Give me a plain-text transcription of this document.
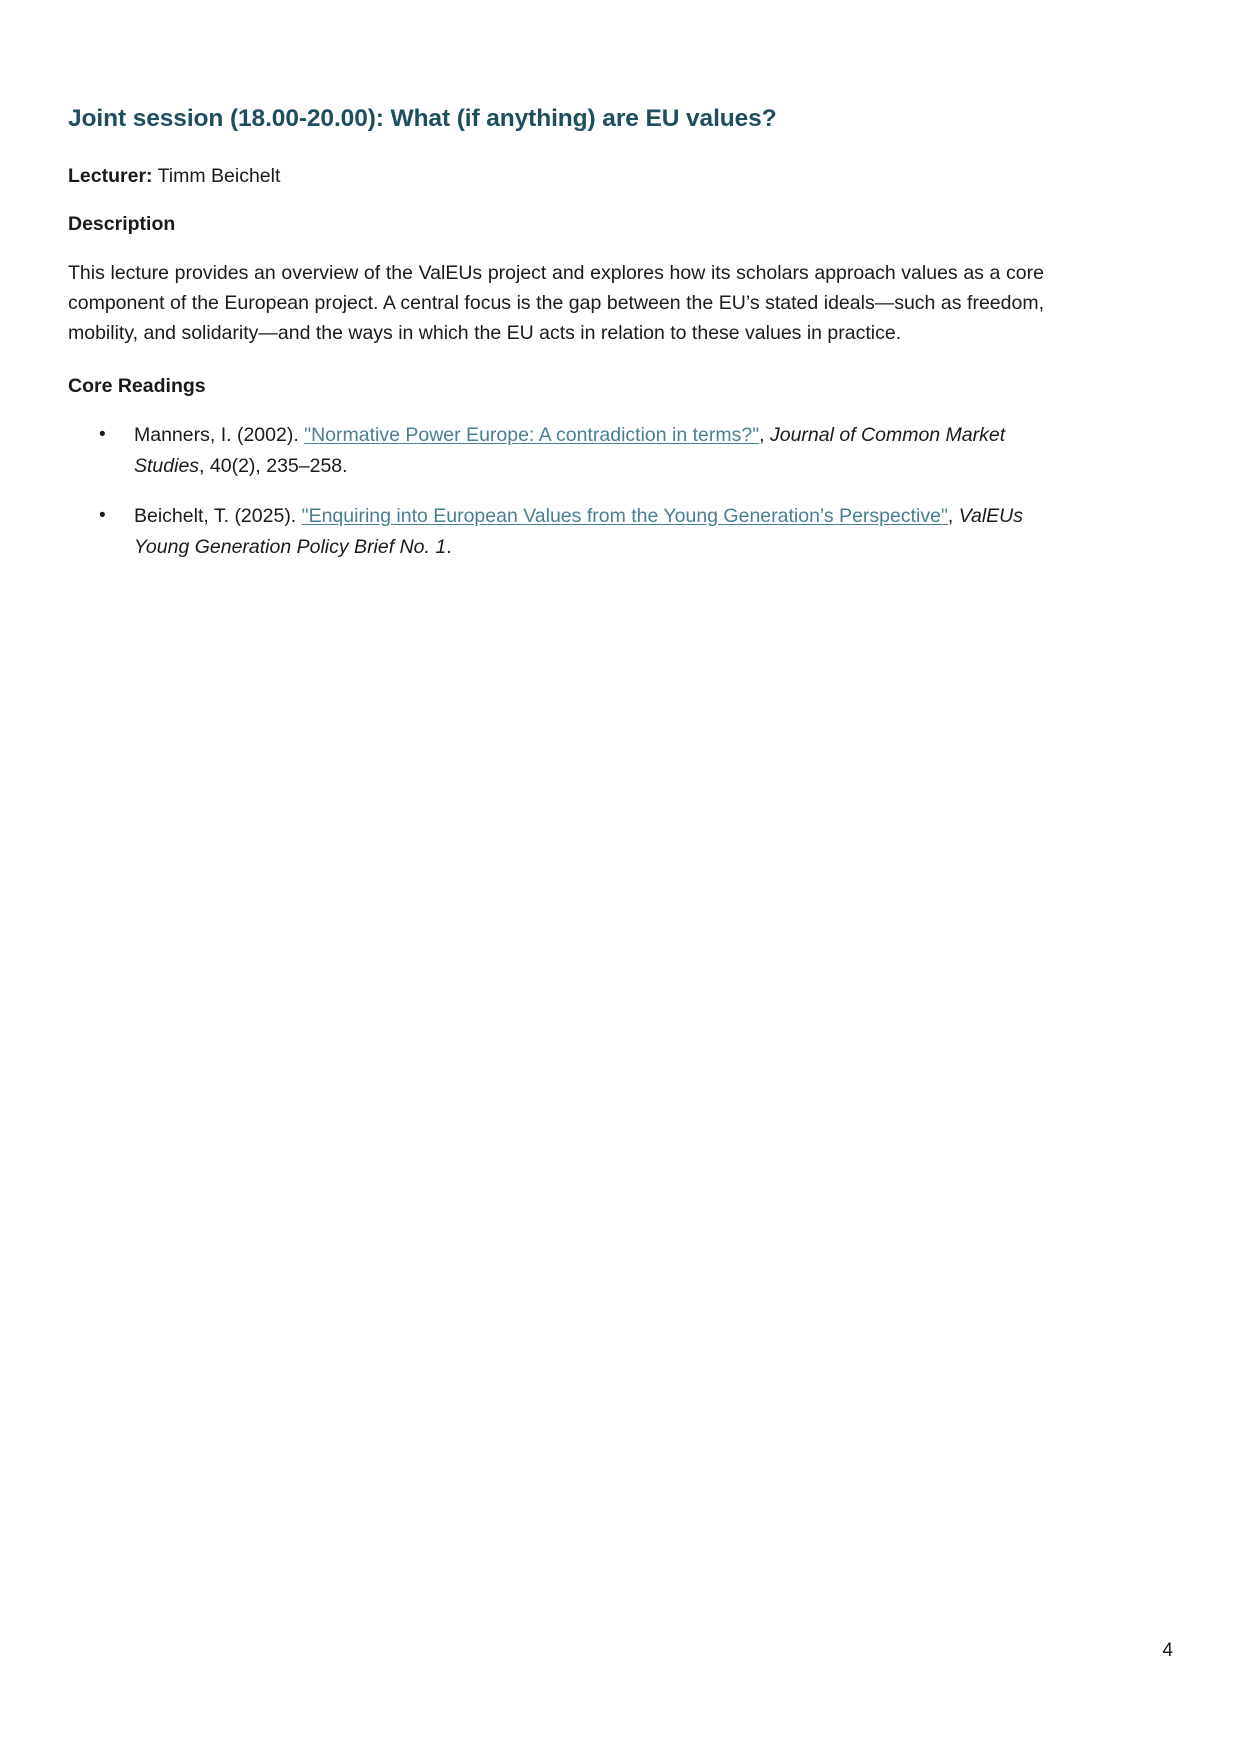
Joint session (18.00-20.00): What (if anything) are EU values?

Lecturer: Timm Beichelt

Description

This lecture provides an overview of the ValEUs project and explores how its scholars approach values as a core component of the European project. A central focus is the gap between the EU’s stated ideals—such as freedom, mobility, and solidarity—and the ways in which the EU acts in relation to these values in practice.

Core Readings

• Manners, I. (2002). "Normative Power Europe: A contradiction in terms?", Journal of Common Market Studies, 40(2), 235–258.
• Beichelt, T. (2025). "Enquiring into European Values from the Young Generation’s Perspective", ValEUs Young Generation Policy Brief No. 1.
4
